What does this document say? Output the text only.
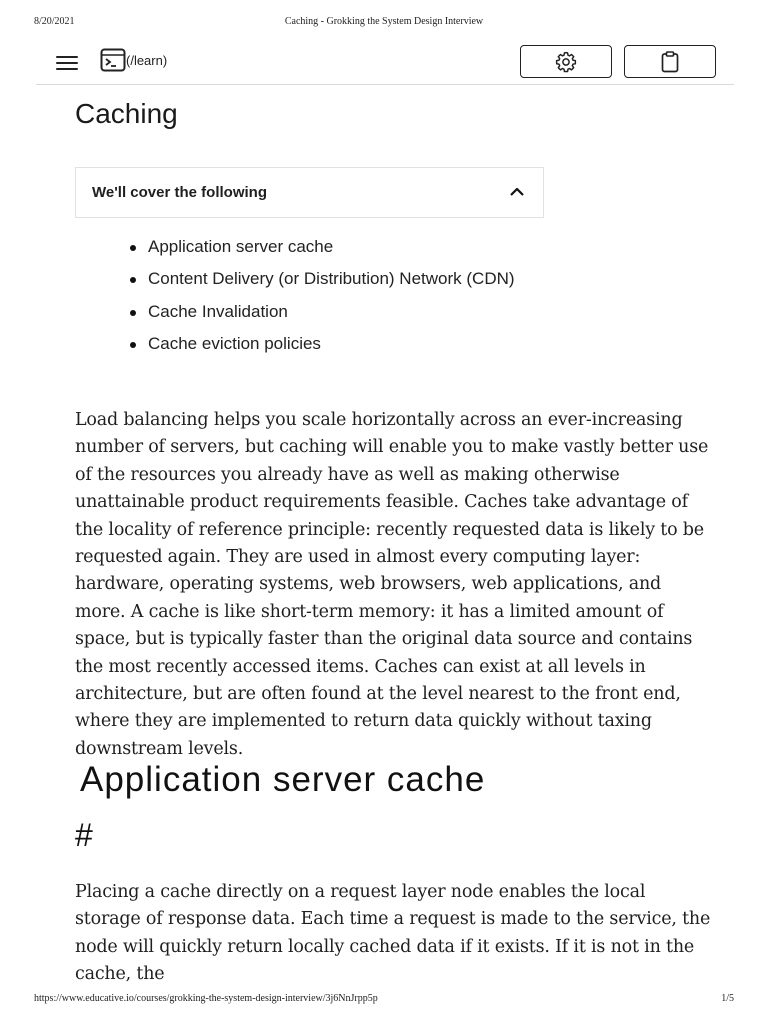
8/20/2021	Caching - Grokking the System Design Interview
(/learn)
Caching
We'll cover the following
Application server cache
Content Delivery (or Distribution) Network (CDN)
Cache Invalidation
Cache eviction policies

Load balancing helps you scale horizontally across an ever-increasing number of servers, but caching will enable you to make vastly better use of the resources you already have as well as making otherwise unattainable product requirements feasible. Caches take advantage of the locality of reference principle: recently requested data is likely to be requested again. They are used in almost every computing layer: hardware, operating systems, web browsers, web applications, and more. A cache is like short-term memory: it has a limited amount of space, but is typically faster than the original data source and contains the most recently accessed items. Caches can exist at all levels in architecture, but are often found at the level nearest to the front end, where they are implemented to return data quickly without taxing downstream levels.

Application server cache
#

Placing a cache directly on a request layer node enables the local storage of response data. Each time a request is made to the service, the node will quickly return locally cached data if it exists. If it is not in the cache, the

https://www.educative.io/courses/grokking-the-system-design-interview/3j6NnJrpp5p	1/5
